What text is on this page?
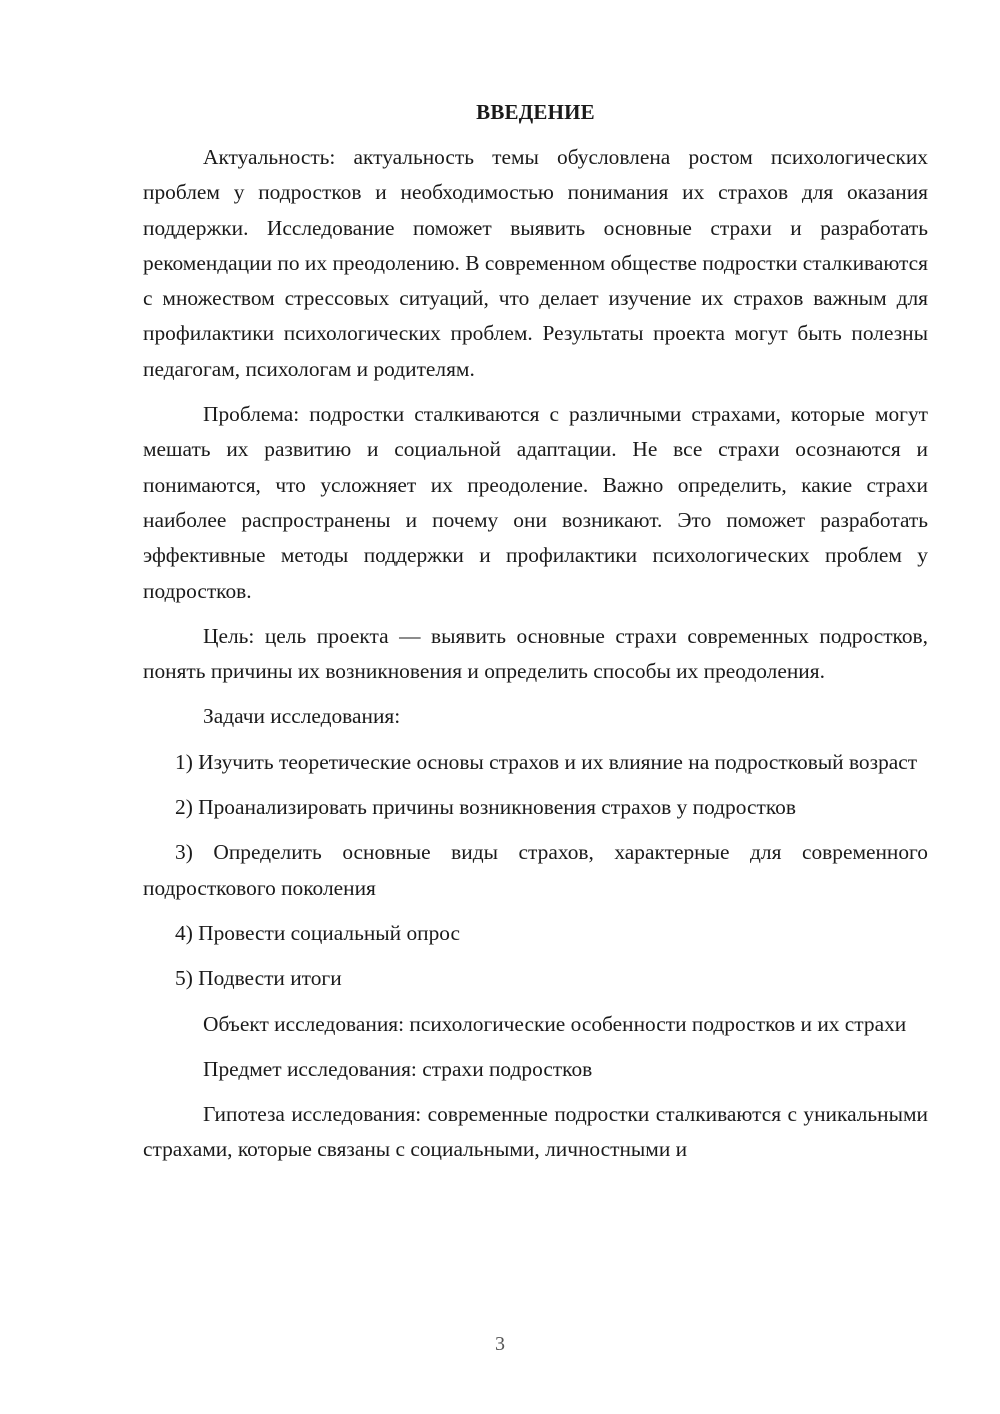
ВВЕДЕНИЕ

Актуальность: актуальность темы обусловлена ростом психологических проблем у подростков и необходимостью понимания их страхов для оказания поддержки. Исследование поможет выявить основные страхи и разработать рекомендации по их преодолению. В современном обществе подростки сталкиваются с множеством стрессовых ситуаций, что делает изучение их страхов важным для профилактики психологических проблем. Результаты проекта могут быть полезны педагогам, психологам и родителям.

Проблема: подростки сталкиваются с различными страхами, которые могут мешать их развитию и социальной адаптации. Не все страхи осознаются и понимаются, что усложняет их преодоление. Важно определить, какие страхи наиболее распространены и почему они возникают. Это поможет разработать эффективные методы поддержки и профилактики психологических проблем у подростков.

Цель: цель проекта — выявить основные страхи современных подростков, понять причины их возникновения и определить способы их преодоления.

Задачи исследования:

1) Изучить теоретические основы страхов и их влияние на подростковый возраст

2) Проанализировать причины возникновения страхов у подростков

3) Определить основные виды страхов, характерные для современного подросткового поколения

4) Провести социальный опрос

5) Подвести итоги

Объект исследования: психологические особенности подростков и их страхи

Предмет исследования: страхи подростков

Гипотеза исследования: современные подростки сталкиваются с уникальными страхами, которые связаны с социальными, личностными и

3
